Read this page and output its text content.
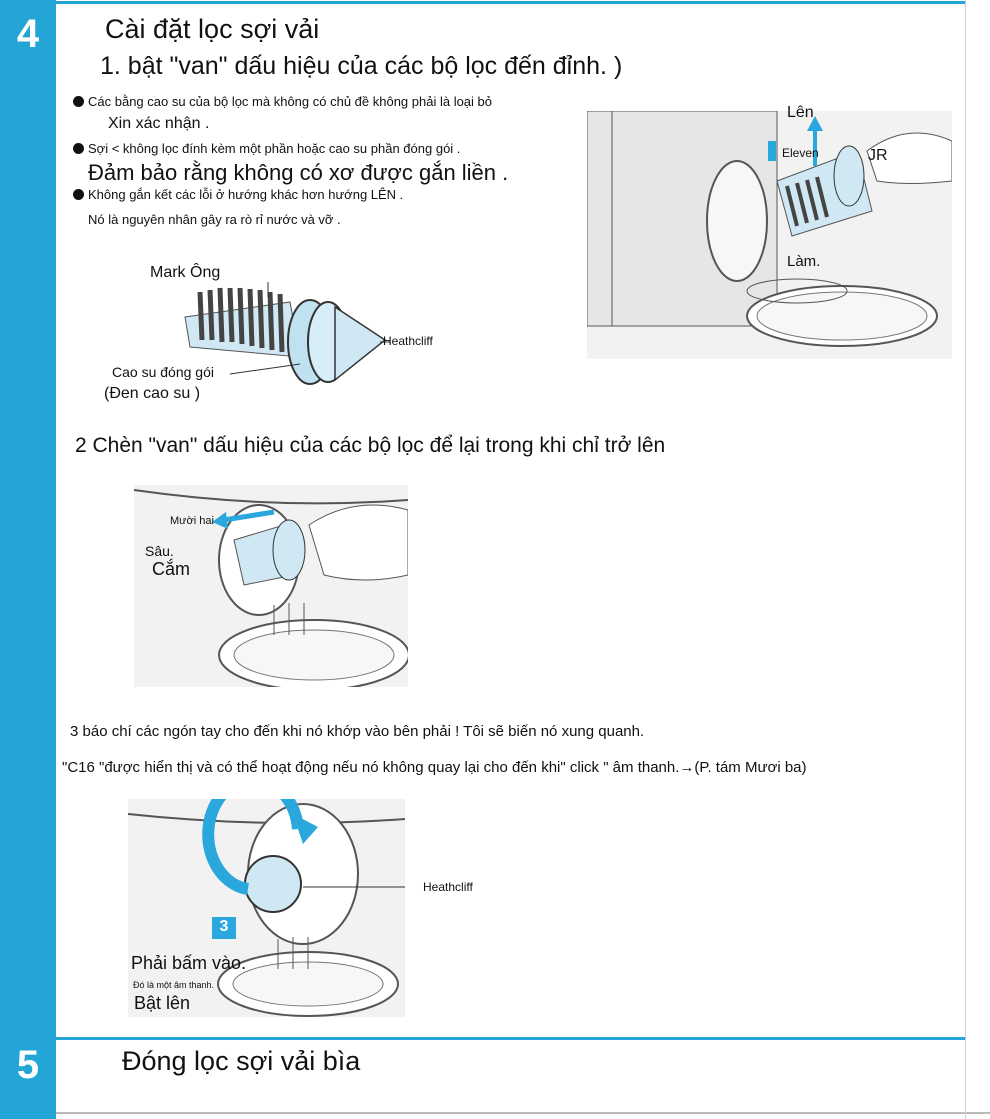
4
5
Cài đặt lọc sợi vải
1. bật "van" dấu hiệu của các bộ lọc đến đỉnh. )
Các bằng cao su của bộ lọc mà không có chủ đề không phải là loại bỏ
Xin xác nhận .
Sợi < không lọc đính kèm một phần hoặc cao su phần đóng gói .
Đảm bảo rằng không có xơ được gắn liền .
Không gắn kết các lỗi ở hướng khác hơn hướng LÊN .
Nó là nguyên nhân gây ra rò rỉ nước và vỡ .
Mark Ông
Heathcliff
Cao su đóng gói
(Đen cao su )
Lên
Eleven	JR
Làm.
2 Chèn "van" dấu hiệu của các bộ lọc để lại trong khi chỉ trở lên
Mười hai
Sâu.
Cắm
3 báo chí các ngón tay cho đến khi nó khớp vào bên phải ! Tôi sẽ biến nó xung quanh.
"C16 "được hiển thị và có thể hoạt động nếu nó không quay lại cho đến khi" click " âm thanh.→(P. tám Mươi ba)
3
Heathcliff
Phải bấm vào.
Đó là một âm thanh.
Bật lên
Đóng lọc sợi vải bìa
